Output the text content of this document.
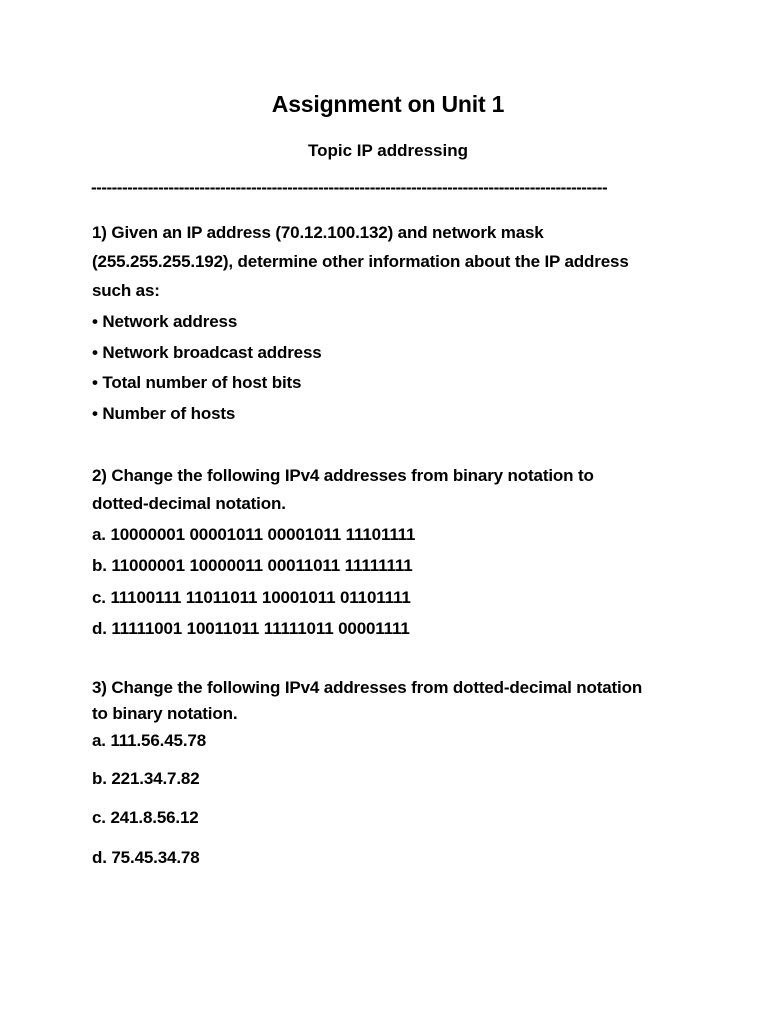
Assignment on Unit 1
Topic IP addressing
----------------------------------------------------------------------------------------------------
1) Given an IP address (70.12.100.132) and network mask
(255.255.255.192), determine other information about the IP address
such as:
• Network address
• Network broadcast address
• Total number of host bits
• Number of hosts
2) Change the following IPv4 addresses from binary notation to
dotted-decimal notation.
a. 10000001 00001011 00001011 11101111
b. 11000001 10000011 00011011 11111111
c. 11100111 11011011 10001011 01101111
d. 11111001 10011011 11111011 00001111
3) Change the following IPv4 addresses from dotted-decimal notation
to binary notation.
a. 111.56.45.78
b. 221.34.7.82
c. 241.8.56.12
d. 75.45.34.78
